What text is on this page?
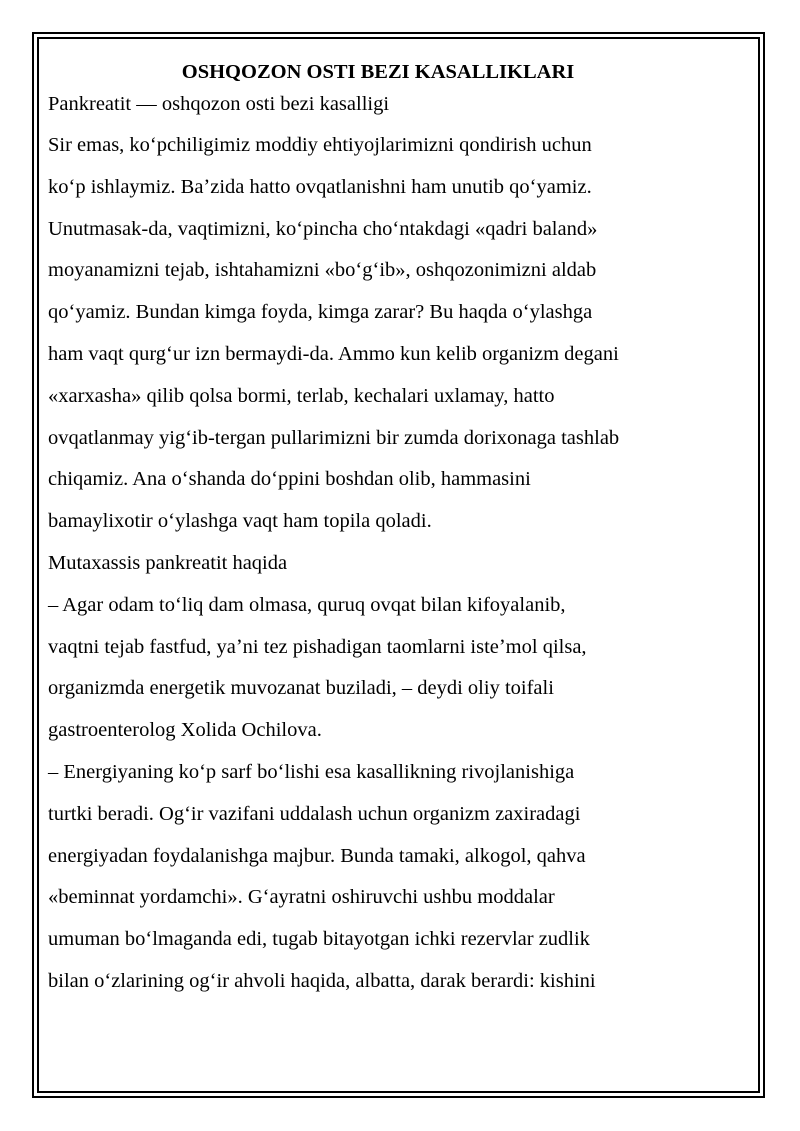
OSHQOZON OSTI BEZI KASALLIKLARI

Pankreatit — oshqozon osti bezi kasalligi

Sir emas, koʻpchiligimiz moddiy ehtiyojlarimizni qondirish uchun

koʻp ishlaymiz. Baʼzida hatto ovqatlanishni ham unutib qoʻyamiz.

Unutmasak-da, vaqtimizni, koʻpincha choʻntakdagi «qadri baland»

moyanamizni tejab, ishtahamizni «boʻgʻib», oshqozonimizni aldab

qoʻyamiz. Bundan kimga foyda, kimga zarar? Bu haqda oʻylashga

ham vaqt qurgʻur izn bermaydi-da. Ammo kun kelib organizm degani

«xarxasha» qilib qolsa bormi, terlab, kechalari uxlamay, hatto

ovqatlanmay yigʻib-tergan pullarimizni bir zumda dorixonaga tashlab

chiqamiz. Ana oʻshanda doʻppini boshdan olib, hammasini

bamaylixotir oʻylashga vaqt ham topila qoladi.

Mutaxassis pankreatit haqida

– Agar odam toʻliq dam olmasa, quruq ovqat bilan kifoyalanib,

vaqtni tejab fastfud, yaʼni tez pishadigan taomlarni isteʼmol qilsa,

organizmda energetik muvozanat buziladi, – deydi oliy toifali

gastroenterolog Xolida Ochilova.

– Energiyaning koʻp sarf boʻlishi esa kasallikning rivojlanishiga

turtki beradi. Ogʻir vazifani uddalash uchun organizm zaxiradagi

energiyadan foydalanishga majbur. Bunda tamaki, alkogol, qahva

«beminnat yordamchi». Gʻayratni oshiruvchi ushbu moddalar

umuman boʻlmaganda edi, tugab bitayotgan ichki rezervlar zudlik

bilan oʻzlarining ogʻir ahvoli haqida, albatta, darak berardi: kishini
